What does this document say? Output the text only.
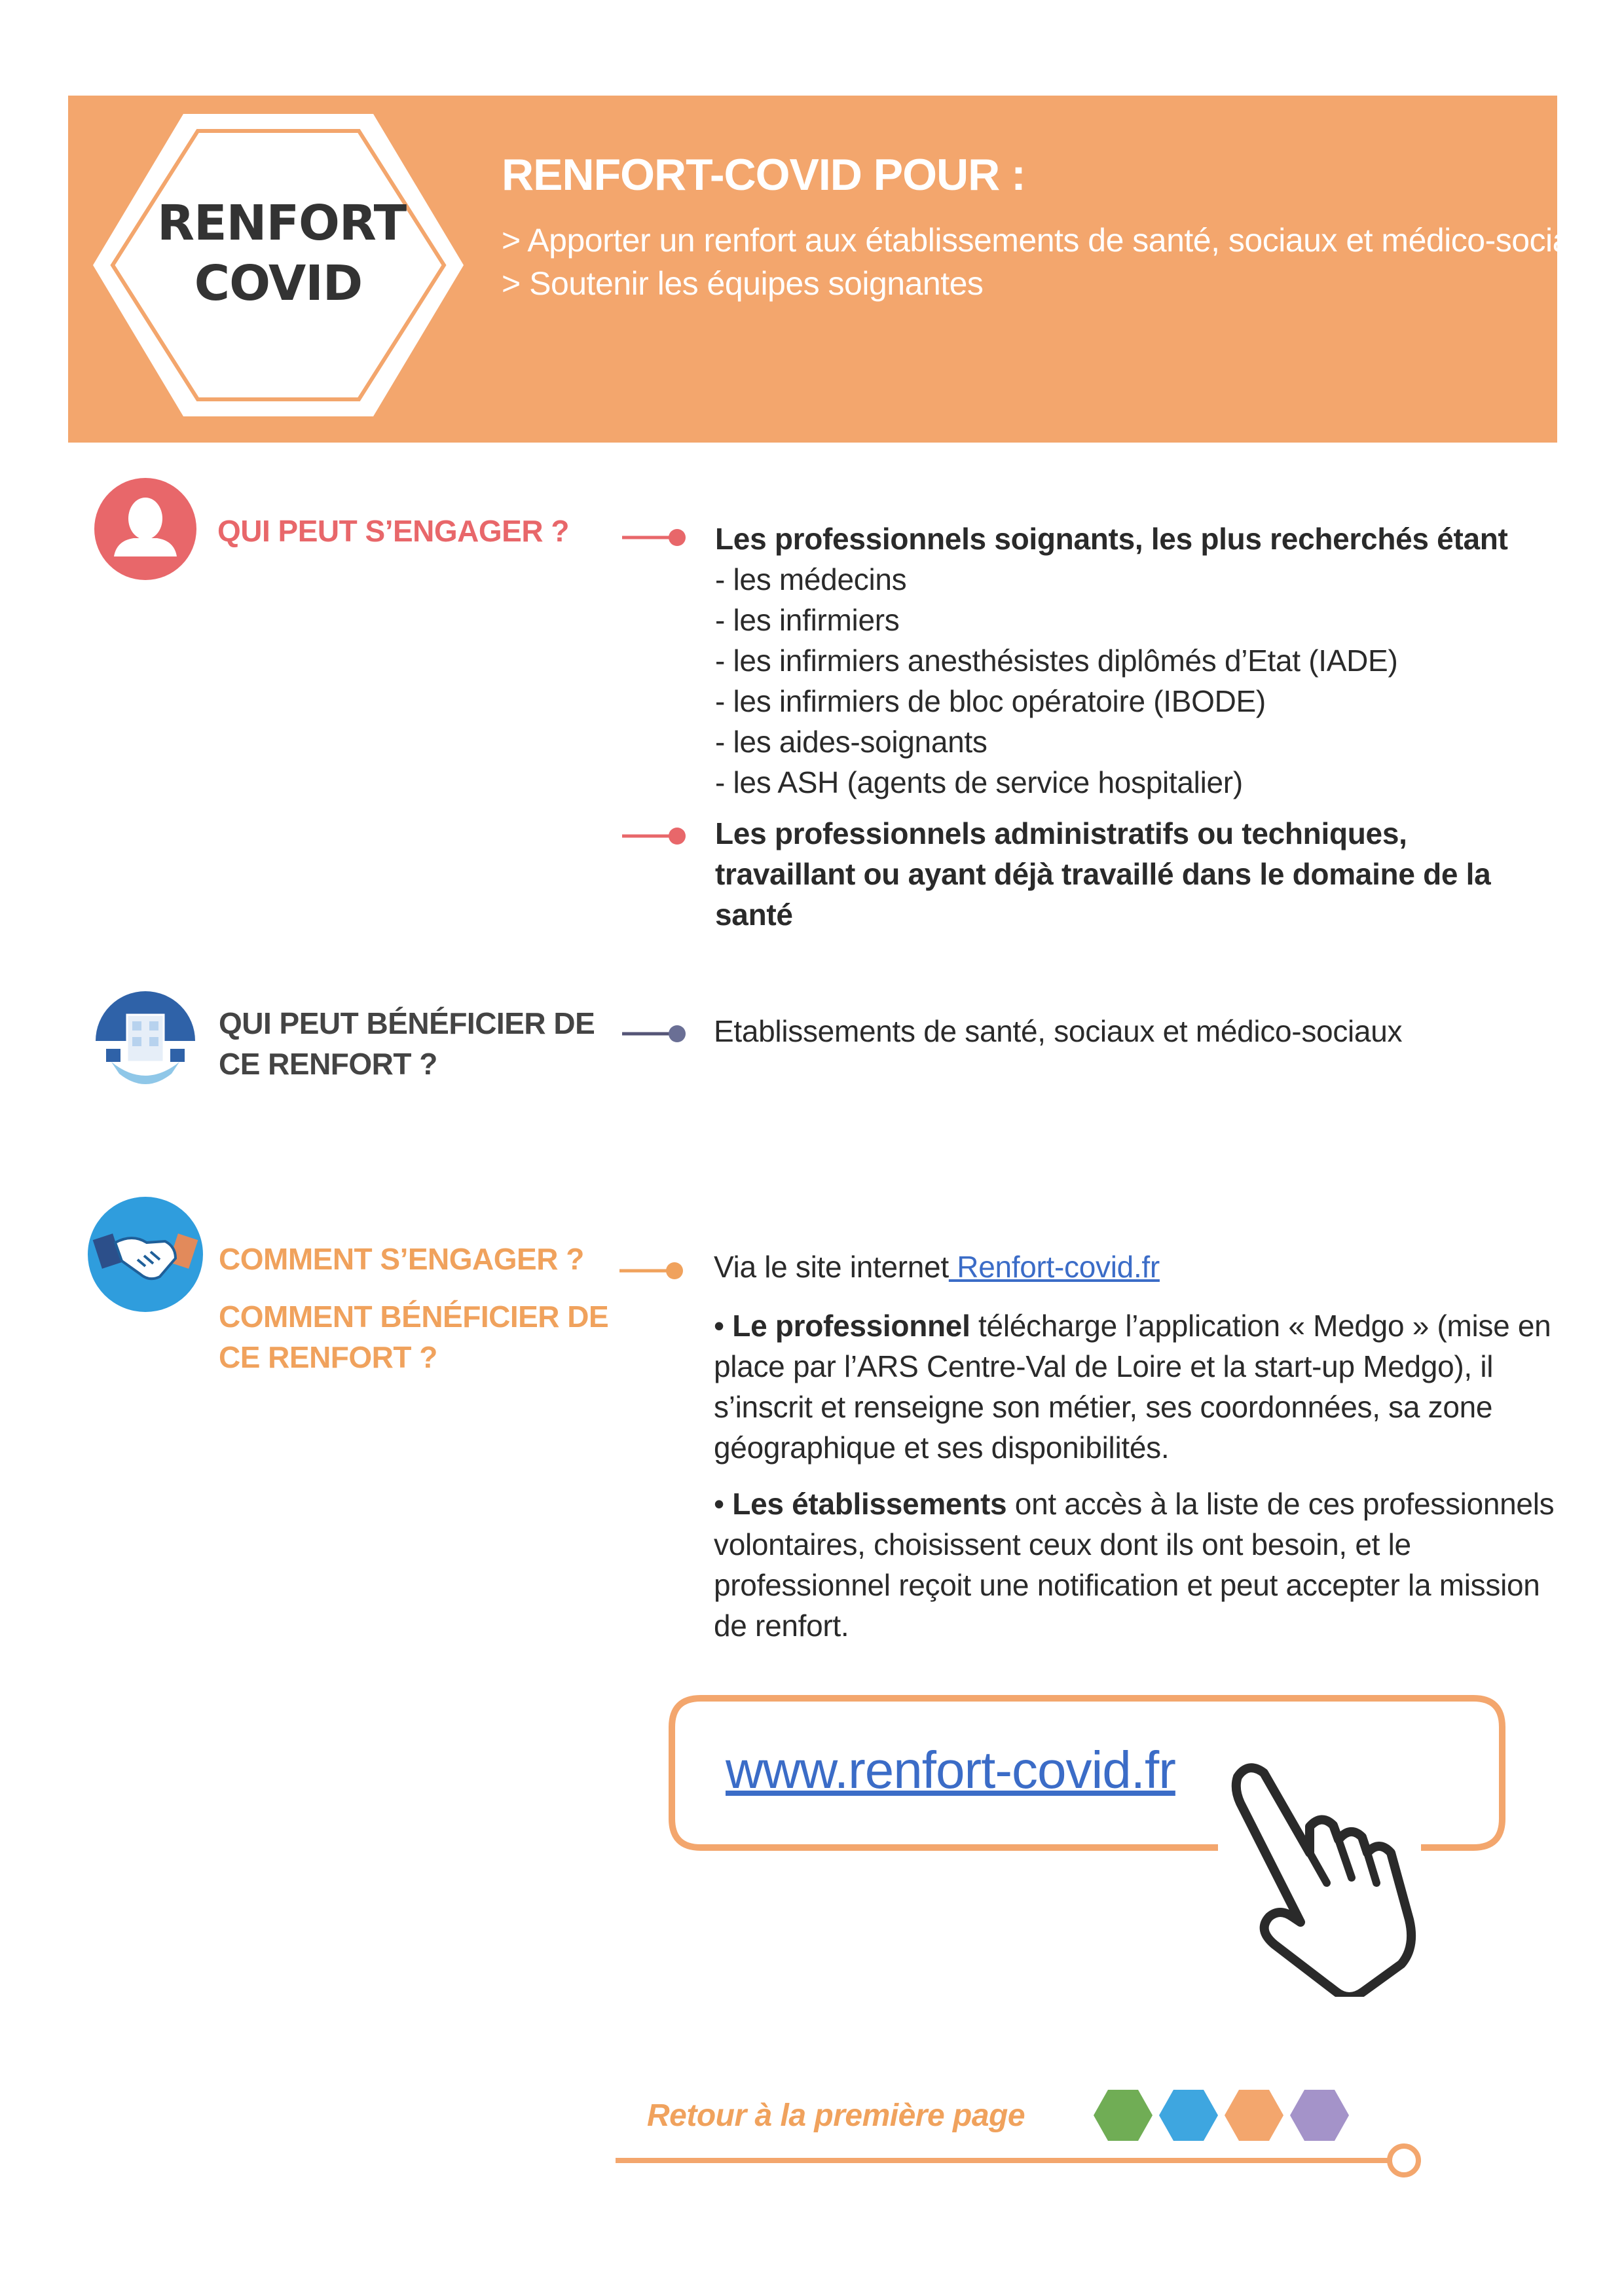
RENFORT
COVID
RENFORT-COVID POUR :
> Apporter un renfort aux établissements de santé, sociaux et médico-sociaux
> Soutenir les équipes soignantes
QUI PEUT S’ENGAGER ?	Les professionnels soignants, les plus recherchés étant
- les médecins
- les infirmiers
- les infirmiers anesthésistes diplômés d’Etat (IADE)
- les infirmiers de bloc opératoire (IBODE)
- les aides-soignants
- les ASH (agents de service hospitalier)
Les professionnels administratifs ou techniques, travaillant ou ayant déjà travaillé dans le domaine de la santé
QUI PEUT BÉNÉFICIER DE
CE RENFORT ?
Etablissements de santé, sociaux et médico-sociaux
COMMENT S’ENGAGER ?
COMMENT BÉNÉFICIER DE CE RENFORT ?
Via le site internet Renfort-covid.fr
• Le professionnel télécharge l’application « Medgo » (mise en place par l’ARS Centre-Val de Loire et la start-up Medgo), il s’inscrit et renseigne son métier, ses coordonnées, sa zone géographique et ses disponibilités.
• Les établissements ont accès à la liste de ces professionnels volontaires, choisissent ceux dont ils ont besoin, et le professionnel reçoit une notification et peut accepter la mission de renfort.
www.renfort-covid.fr
Retour à la première page
